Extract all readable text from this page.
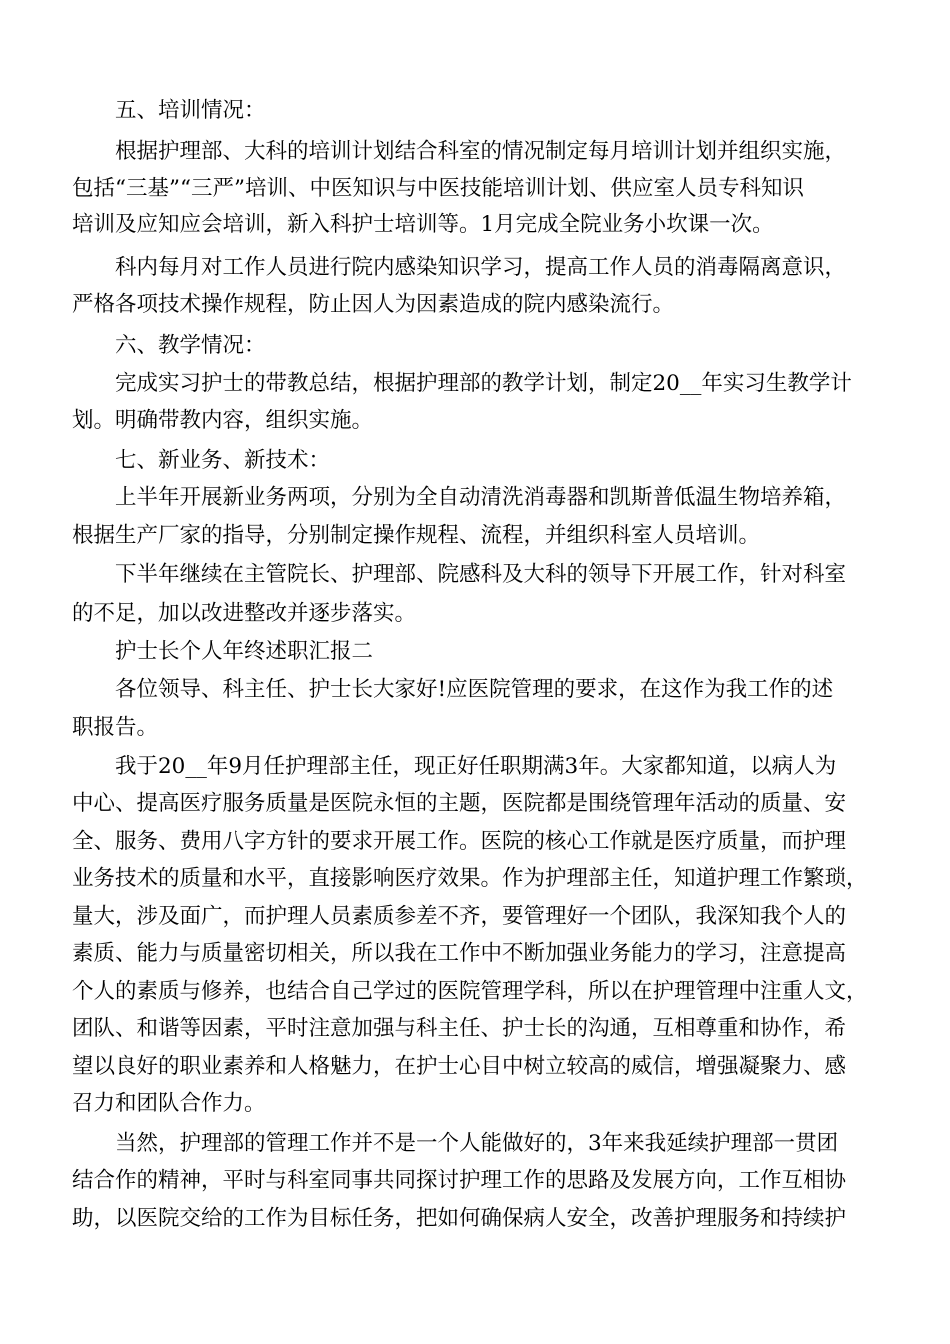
五、培训情况：
根据护理部、大科的培训计划结合科室的情况制定每月培训计划并组织实施，
包括“三基”“三严”培训、中医知识与中医技能培训计划、供应室人员专科知识
培训及应知应会培训，新入科护士培训等。1月完成全院业务小坎课一次。
科内每月对工作人员进行院内感染知识学习，提高工作人员的消毒隔离意识，
严格各项技术操作规程，防止因人为因素造成的院内感染流行。
六、教学情况：
完成实习护士的带教总结，根据护理部的教学计划，制定20__年实习生教学计
划。明确带教内容，组织实施。
七、新业务、新技术：
上半年开展新业务两项，分别为全自动清洗消毒器和凯斯普低温生物培养箱，
根据生产厂家的指导，分别制定操作规程、流程，并组织科室人员培训。
下半年继续在主管院长、护理部、院感科及大科的领导下开展工作，针对科室
的不足，加以改进整改并逐步落实。
护士长个人年终述职汇报二
各位领导、科主任、护士长大家好!应医院管理的要求，在这作为我工作的述
职报告。
我于20__年9月任护理部主任，现正好任职期满3年。大家都知道，以病人为
中心、提高医疗服务质量是医院永恒的主题，医院都是围绕管理年活动的质量、安
全、服务、费用八字方针的要求开展工作。医院的核心工作就是医疗质量，而护理
业务技术的质量和水平，直接影响医疗效果。作为护理部主任，知道护理工作繁琐，
量大，涉及面广，而护理人员素质参差不齐，要管理好一个团队，我深知我个人的
素质、能力与质量密切相关，所以我在工作中不断加强业务能力的学习，注意提高
个人的素质与修养，也结合自己学过的医院管理学科，所以在护理管理中注重人文，
团队、和谐等因素，平时注意加强与科主任、护士长的沟通，互相尊重和协作，希
望以良好的职业素养和人格魅力，在护士心目中树立较高的威信，增强凝聚力、感
召力和团队合作力。
当然，护理部的管理工作并不是一个人能做好的，3年来我延续护理部一贯团
结合作的精神，平时与科室同事共同探讨护理工作的思路及发展方向，工作互相协
助，以医院交给的工作为目标任务，把如何确保病人安全，改善护理服务和持续护
